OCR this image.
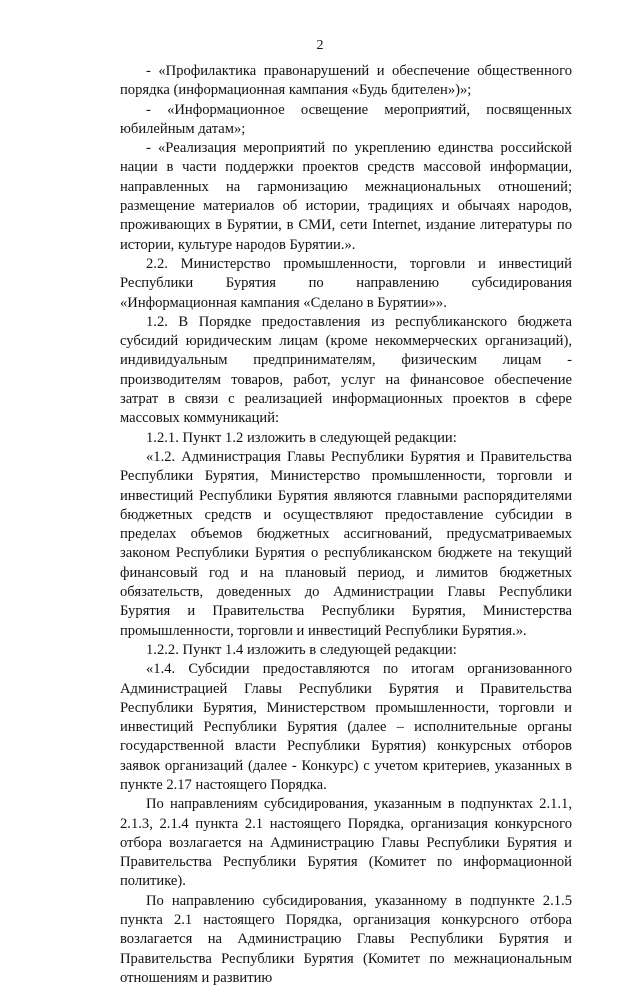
2

- «Профилактика правонарушений и обеспечение общественного порядка (информационная кампания «Будь бдителен»)»;

- «Информационное освещение мероприятий, посвященных юбилейным датам»;

- «Реализация мероприятий по укреплению единства российской нации в части поддержки проектов средств массовой информации, направленных на гармонизацию межнациональных отношений; размещение материалов об истории, традициях и обычаях народов, проживающих в Бурятии, в СМИ, сети Internet, издание литературы по истории, культуре народов Бурятии.».

2.2. Министерство промышленности, торговли и инвестиций Республики Бурятия по направлению субсидирования «Информационная кампания «Сделано в Бурятии»».

1.2. В Порядке предоставления из республиканского бюджета субсидий юридическим лицам (кроме некоммерческих организаций), индивидуальным предпринимателям, физическим лицам - производителям товаров, работ, услуг на финансовое обеспечение затрат в связи с реализацией информационных проектов в сфере массовых коммуникаций:

1.2.1. Пункт 1.2 изложить в следующей редакции:

«1.2. Администрация Главы Республики Бурятия и Правительства Республики Бурятия, Министерство промышленности, торговли и инвестиций Республики Бурятия являются главными распорядителями бюджетных средств и осуществляют предоставление субсидии в пределах объемов бюджетных ассигнований, предусматриваемых законом Республики Бурятия о республиканском бюджете на текущий финансовый год и на плановый период, и лимитов бюджетных обязательств, доведенных до Администрации Главы Республики Бурятия и Правительства Республики Бурятия, Министерства промышленности, торговли и инвестиций Республики Бурятия.».

1.2.2. Пункт 1.4 изложить в следующей редакции:

«1.4. Субсидии предоставляются по итогам организованного Администрацией Главы Республики Бурятия и Правительства Республики Бурятия, Министерством промышленности, торговли и инвестиций Республики Бурятия (далее – исполнительные органы государственной власти Республики Бурятия) конкурсных отборов заявок организаций (далее - Конкурс) с учетом критериев, указанных в пункте 2.17 настоящего Порядка.

По направлениям субсидирования, указанным в подпунктах 2.1.1, 2.1.3, 2.1.4 пункта 2.1 настоящего Порядка, организация конкурсного отбора возлагается на Администрацию Главы Республики Бурятия и Правительства Республики Бурятия (Комитет по информационной политике).

По направлению субсидирования, указанному в подпункте 2.1.5 пункта 2.1 настоящего Порядка, организация конкурсного отбора возлагается на Администрацию Главы Республики Бурятия и Правительства Республики Бурятия (Комитет по межнациональным отношениям и развитию
